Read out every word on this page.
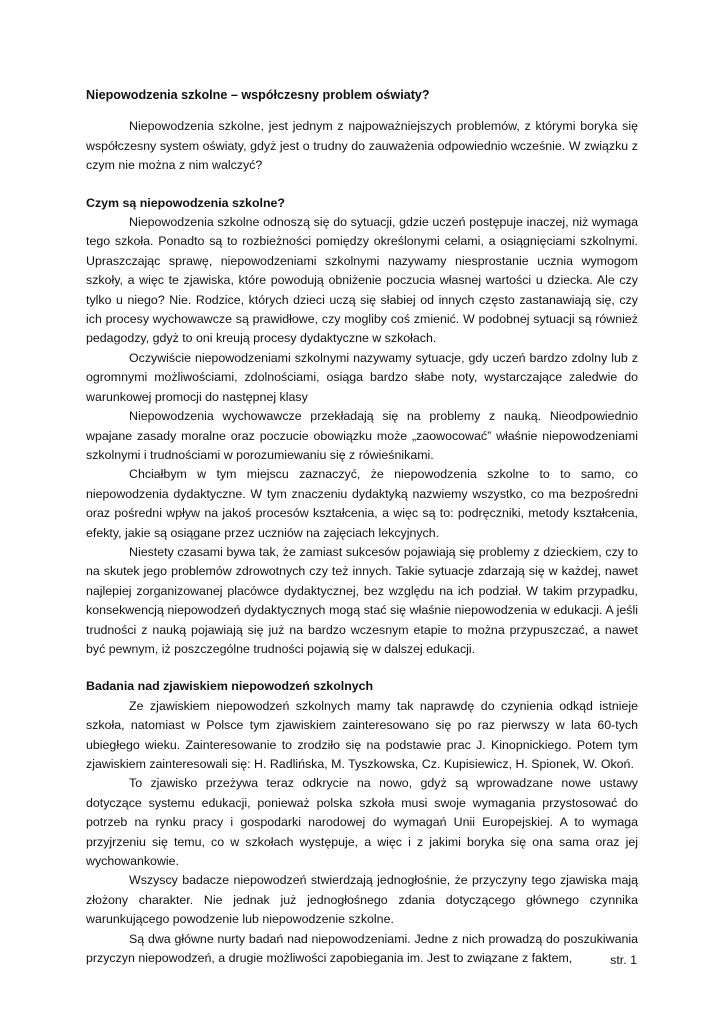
Niepowodzenia szkolne – współczesny problem oświaty?

Niepowodzenia szkolne, jest jednym z najpoważniejszych problemów, z którymi boryka się współczesny system oświaty, gdyż jest o trudny do zauważenia odpowiednio wcześnie. W związku z czym nie można z nim walczyć?

Czym są niepowodzenia szkolne?

Niepowodzenia szkolne odnoszą się do sytuacji, gdzie uczeń postępuje inaczej, niż wymaga tego szkoła. Ponadto są to rozbieżności pomiędzy określonymi celami, a osiągnięciami szkolnymi. Upraszczając sprawę, niepowodzeniami szkolnymi nazywamy niesprostanie ucznia wymogom szkoły, a więc te zjawiska, które powodują obniżenie poczucia własnej wartości u dziecka. Ale czy tylko u niego? Nie. Rodzice, których dzieci uczą się słabiej od innych często zastanawiają się, czy ich procesy wychowawcze są prawidłowe, czy mogliby coś zmienić. W podobnej sytuacji są również pedagodzy, gdyż to oni kreują procesy dydaktyczne w szkołach.

Oczywiście niepowodzeniami szkolnymi nazywamy sytuacje, gdy uczeń bardzo zdolny lub z ogromnymi możliwościami, zdolnościami, osiąga bardzo słabe noty, wystarczające zaledwie do warunkowej promocji do następnej klasy

Niepowodzenia wychowawcze przekładają się na problemy z nauką. Nieodpowiednio wpajane zasady moralne oraz poczucie obowiązku może „zaowocować” właśnie niepowodzeniami szkolnymi i trudnościami w porozumiewaniu się z rówieśnikami.

Chciałbym w tym miejscu zaznaczyć, że niepowodzenia szkolne to to samo, co niepowodzenia dydaktyczne. W tym znaczeniu dydaktyką nazwiemy wszystko, co ma bezpośredni oraz pośredni wpływ na jakoś procesów kształcenia, a więc są to: podręczniki, metody kształcenia, efekty, jakie są osiągane przez uczniów na zajęciach lekcyjnych.

Niestety czasami bywa tak, że zamiast sukcesów pojawiają się problemy z dzieckiem, czy to na skutek jego problemów zdrowotnych czy też innych. Takie sytuacje zdarzają się w każdej, nawet najlepiej zorganizowanej placówce dydaktycznej, bez względu na ich podział. W takim przypadku, konsekwencją niepowodzeń dydaktycznych mogą stać się właśnie niepowodzenia w edukacji. A jeśli trudności z nauką pojawiają się już na bardzo wczesnym etapie to można przypuszczać, a nawet być pewnym, iż poszczególne trudności pojawią się w dalszej edukacji.

Badania nad zjawiskiem niepowodzeń szkolnych

Ze zjawiskiem niepowodzeń szkolnych mamy tak naprawdę do czynienia odkąd istnieje szkoła, natomiast w Polsce tym zjawiskiem zainteresowano się po raz pierwszy w lata 60-tych ubiegłego wieku. Zainteresowanie to zrodziło się na podstawie prac J. Kinopnickiego. Potem tym zjawiskiem zainteresowali się: H. Radlińska, M. Tyszkowska, Cz. Kupisiewicz, H. Spionek, W. Okoń.

To zjawisko przeżywa teraz odkrycie na nowo, gdyż są wprowadzane nowe ustawy dotyczące systemu edukacji, ponieważ polska szkoła musi swoje wymagania przystosować do potrzeb na rynku pracy i gospodarki narodowej do wymagań Unii Europejskiej. A to wymaga przyjrzeniu się temu, co w szkołach występuje, a więc i z jakimi boryka się ona sama oraz jej wychowankowie.

Wszyscy badacze niepowodzeń stwierdzają jednogłośnie, że przyczyny tego zjawiska mają złożony charakter. Nie jednak już jednogłośnego zdania dotyczącego głównego czynnika warunkującego powodzenie lub niepowodzenie szkolne.

Są dwa główne nurty badań nad niepowodzeniami. Jedne z nich prowadzą do poszukiwania przyczyn niepowodzeń, a drugie możliwości zapobiegania im. Jest to związane z faktem,	str. 1
